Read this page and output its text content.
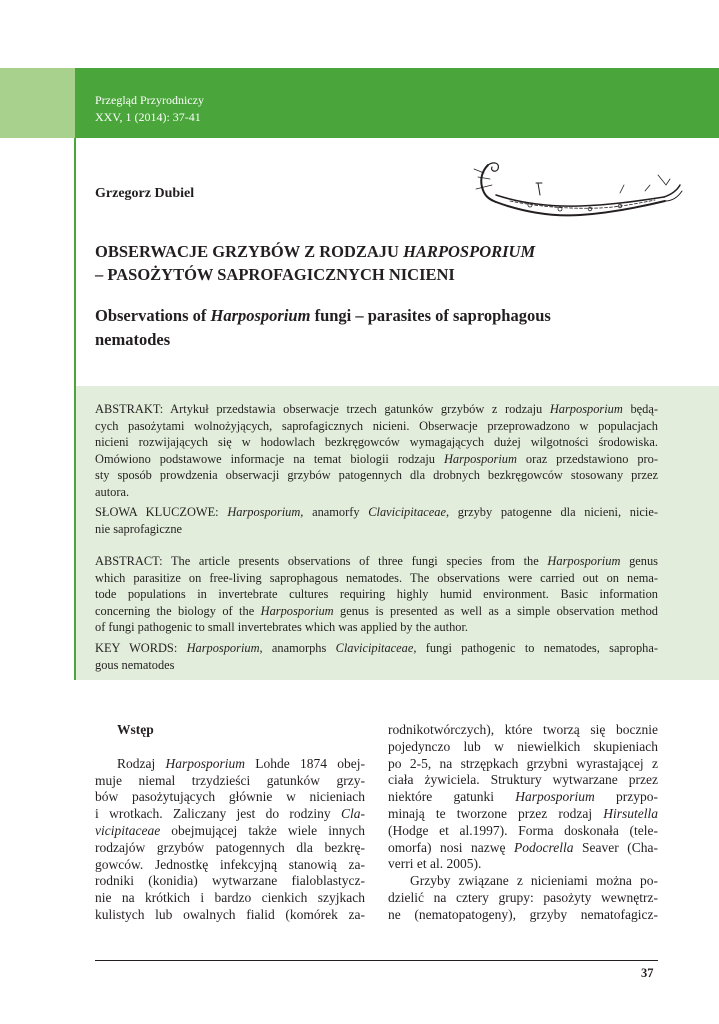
Przegląd Przyrodniczy
XXV, 1 (2014): 37-41
Grzegorz Dubiel
OBSERWACJE GRZYBÓW Z RODZAJU HARPOSPORIUM
– PASOŻYTÓW SAPROFAGICZNYCH NICIENI
Observations of Harposporium fungi – parasites of saprophagous
nematodes
ABSTRAKT: Artykuł przedstawia obserwacje trzech gatunków grzybów z rodzaju Harposporium będą-
cych pasożytami wolnożyjących, saprofagicznych nicieni. Obserwacje przeprowadzono w populacjach
nicieni rozwijających się w hodowlach bezkręgowców wymagających dużej wilgotności środowiska.
Omówiono podstawowe informacje na temat biologii rodzaju Harposporium oraz przedstawiono pro-
sty sposób prowdzenia obserwacji grzybów patogennych dla drobnych bezkręgowców stosowany przez
autora.
SŁOWA KLUCZOWE: Harposporium, anamorfy Clavicipitaceae, grzyby patogenne dla nicieni, nicie-
nie saprofagiczne
ABSTRACT: The article presents observations of three fungi species from the Harposporium genus
which parasitize on free-living saprophagous nematodes. The observations were carried out on nema-
tode populations in invertebrate cultures requiring highly humid environment. Basic information
concerning the biology of the Harposporium genus is presented as well as a simple observation method
of fungi pathogenic to small invertebrates which was applied by the author.
KEY WORDS: Harposporium, anamorphs Clavicipitaceae, fungi pathogenic to nematodes, sapropha-
gous nematodes
Wstęp
Rodzaj Harposporium Lohde 1874 obej-
muje niemal trzydzieści gatunków grzy-
bów pasożytujących głównie w nicieniach
i wrotkach. Zaliczany jest do rodziny Cla-
vicipitaceae obejmującej także wiele innych
rodzajów grzybów patogennych dla bezkrę-
gowców. Jednostkę infekcyjną stanowią za-
rodniki (konidia) wytwarzane fialoblastycz-
nie na krótkich i bardzo cienkich szyjkach
kulistych lub owalnych fialid (komórek za-
rodnikotwórczych), które tworzą się bocznie
pojedynczo lub w niewielkich skupieniach
po 2-5, na strzępkach grzybni wyrastającej z
ciała żywiciela. Struktury wytwarzane przez
niektóre gatunki Harposporium przypo-
minają te tworzone przez rodzaj Hirsutella
(Hodge et al.1997). Forma doskonała (tele-
omorfa) nosi nazwę Podocrella Seaver (Cha-
verri et al. 2005).
Grzyby związane z nicieniami można po-
dzielić na cztery grupy: pasożyty wewnętrz-
ne (nematopatogeny), grzyby nematofagicz-
37
